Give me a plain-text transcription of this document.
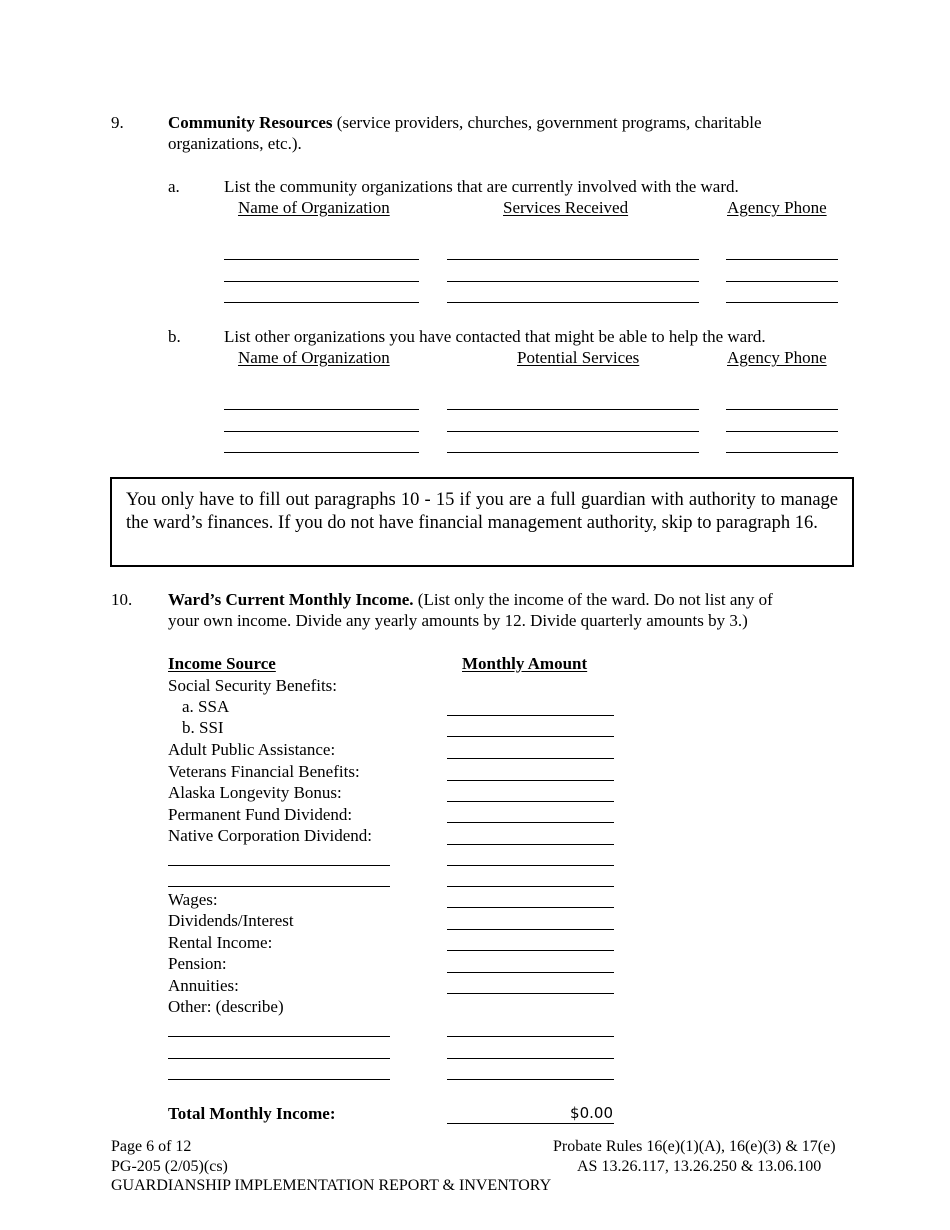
9.	Community Resources (service providers, churches, government programs, charitable
organizations, etc.).
a.	List the community organizations that are currently involved with the ward.
Name of Organization	Services Received	Agency Phone
b.	List other organizations you have contacted that might be able to help the ward.
Name of Organization	Potential Services	Agency Phone
You only have to fill out paragraphs 10 - 15 if you are a full guardian with authority to manage the ward’s finances. If you do not have financial management authority, skip to paragraph 16.
10. Ward’s Current Monthly Income. (List only the income of the ward. Do not list any of
your own income. Divide any yearly amounts by 12. Divide quarterly amounts by 3.)
Income Source	Monthly Amount
Social Security Benefits:
a. SSA
b. SSI
Adult Public Assistance:
Veterans Financial Benefits:
Alaska Longevity Bonus:
Permanent Fund Dividend:
Native Corporation Dividend:
Wages:
Dividends/Interest
Rental Income:
Pension:
Annuities:
Other: (describe)
Total Monthly Income:	$0.00
Page 6 of 12
PG-205 (2/05)(cs)
GUARDIANSHIP IMPLEMENTATION REPORT & INVENTORY
Probate Rules 16(e)(1)(A), 16(e)(3) & 17(e)
AS 13.26.117, 13.26.250 & 13.06.100
